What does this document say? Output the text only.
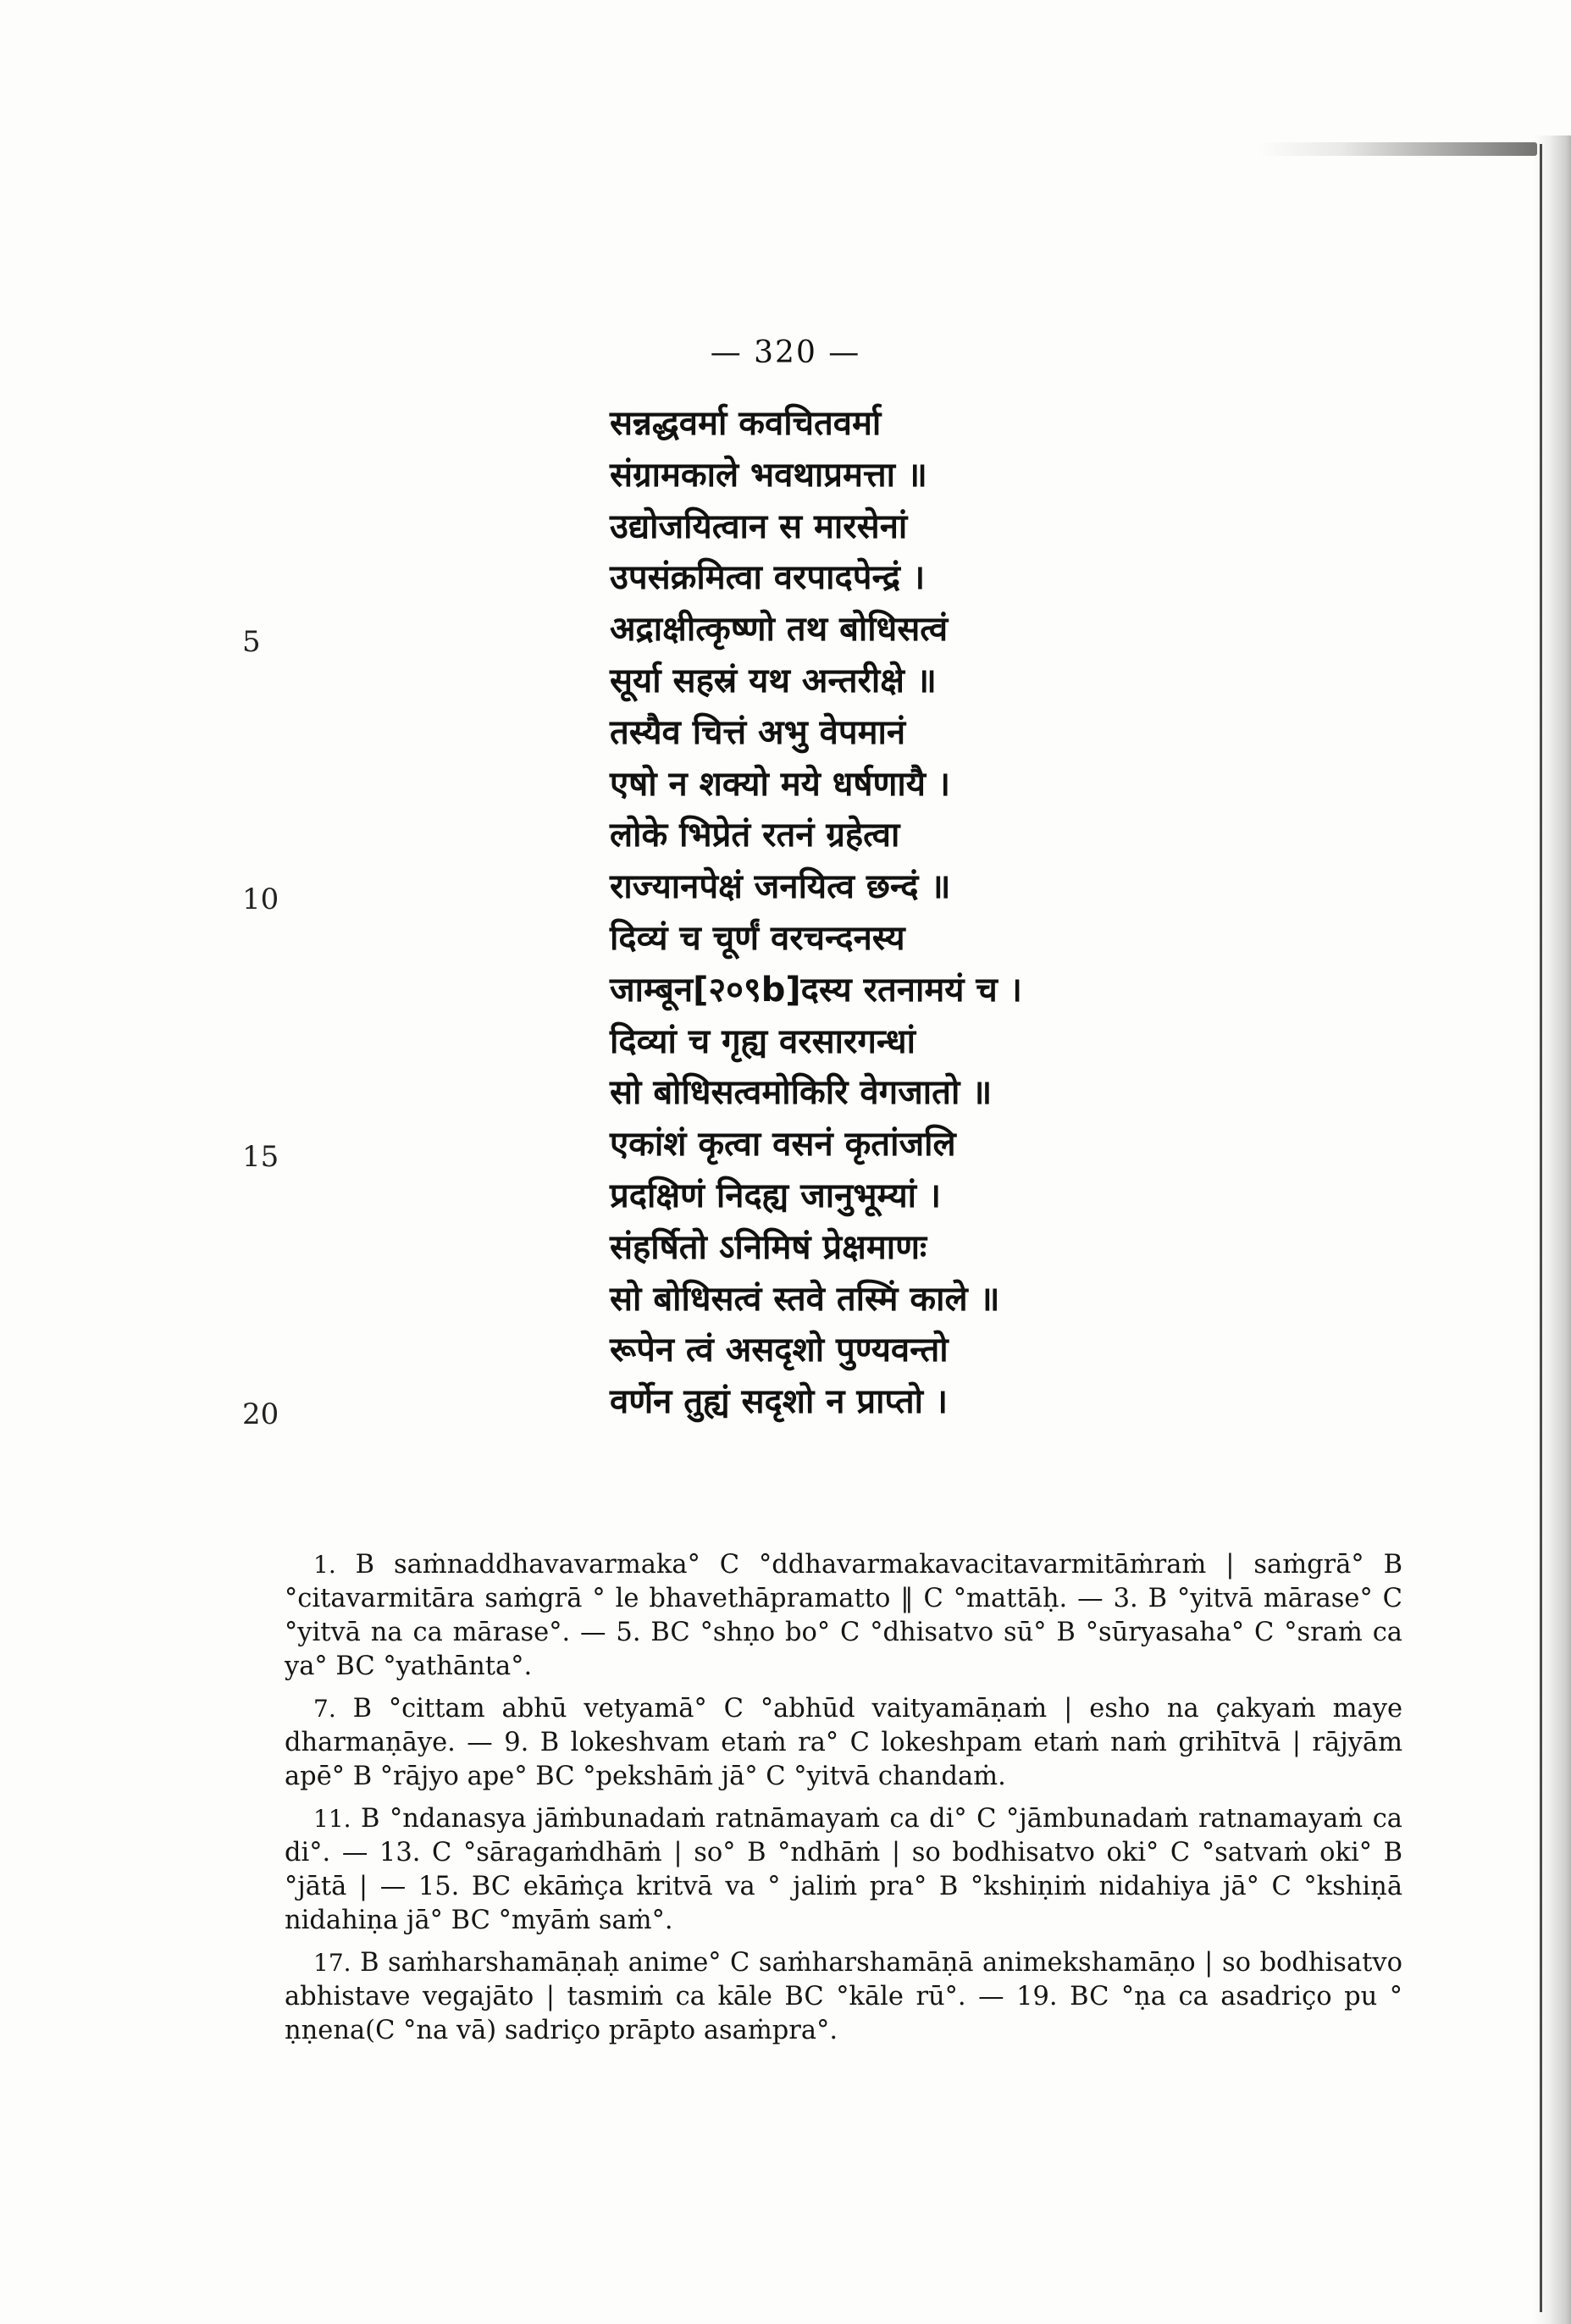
— 320 —
5
10
15
20
सन्नद्धवर्मा कवचितवर्मा
संग्रामकाले भवथाप्रमत्ता ॥
उद्योजयित्वान स मारसेनां
उपसंक्रमित्वा वरपादपेन्द्रं ।
अद्राक्षीत्कृष्णो तथ बोधिसत्वं
सूर्या सहस्रं यथ अन्तरीक्षे ॥
तस्यैव चित्तं अभु वेपमानं
एषो न शक्यो मये धर्षणायै ।
लोके भिप्रेतं रतनं ग्रहेत्वा
राज्यानपेक्षं जनयित्व छन्दं ॥
दिव्यं च चूर्णं वरचन्दनस्य
जाम्बून[२०९b]दस्य रतनामयं च ।
दिव्यां च गृह्य वरसारगन्धां
सो बोधिसत्वमोकिरि वेगजातो ॥
एकांशं कृत्वा वसनं कृतांजलि
प्रदक्षिणं निदह्य जानुभूम्यां ।
संहर्षितो ऽनिमिषं प्रेक्षमाणः
सो बोधिसत्वं स्तवे तस्मिं काले ॥
रूपेन त्वं असदृशो पुण्यवन्तो
वर्णेन तुह्यं सदृशो न प्राप्तो ।

1. B saṁnaddhavavarmaka° C °ddhavarmakavacitavarmitāṁraṁ | saṁgrā° B °citavarmitāra saṁgrā ° le bhavethāpramatto ‖ C °mattāḥ. — 3. B °yitvā mārase° C °yitvā na ca mārase°. — 5. BC °shṇo bo° C °dhisatvo sū° B °sūryasaha° C °sraṁ ca ya° BC °yathānta°.

7. B °cittam abhū vetyamā° C °abhūd vaityamāṇaṁ | esho na çakyaṁ maye dharmaṇāye. — 9. B lokeshvam etaṁ ra° C lokeshpam etaṁ naṁ grihītvā | rājyām apē° B °rājyo ape° BC °pekshāṁ jā° C °yitvā chandaṁ.

11. B °ndanasya jāṁbunadaṁ ratnāmayaṁ ca di° C °jāmbunadaṁ ratnamayaṁ ca di°. — 13. C °sāragaṁdhāṁ | so° B °ndhāṁ | so bodhisatvo oki° C °satvaṁ oki° B °jātā | — 15. BC ekāṁça kritvā va ° jaliṁ pra° B °kshiṇiṁ nidahiya jā° C °kshiṇā nidahiṇa jā° BC °myāṁ saṁ°.

17. B saṁharshamāṇaḥ anime° C saṁharshamāṇā animekshamāṇo | so bodhisatvo abhistave vegajāto | tasmiṁ ca kāle BC °kāle rū°. — 19. BC °ṇa ca asadriço pu ° ṇṇena(C °na vā) sadriço prāpto asaṁpra°.
